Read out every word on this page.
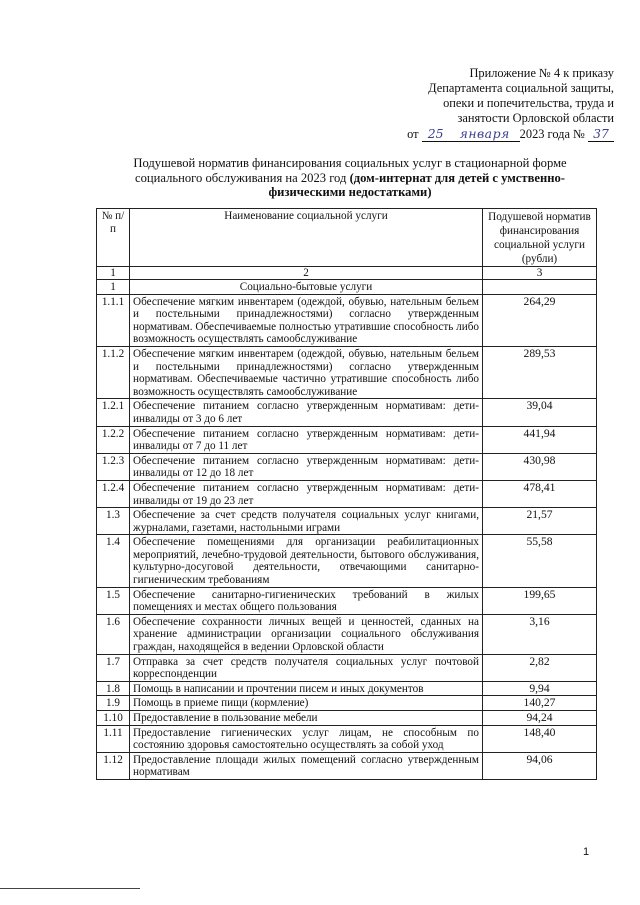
Приложение № 4 к приказу
Департамента социальной защиты,
опеки и попечительства, труда и
занятости Орловской области
от
25	января 2023 года №
37
Подушевой норматив финансирования социальных услуг в стационарной форме
социального обслуживания на 2023 год (дом-интернат для детей с умственно-физическими недостатками)
№ п/п	Наименование социальной услуги	Подушевой норматив финансирования социальной услуги (рубли)
1	2	3
1	Социально-бытовые услуги	
1.1.1	Обеспечение мягким инвентарем (одеждой, обувью, нательным бельем и постельными принадлежностями) согласно утвержденным нормативам. Обеспечиваемые полностью утратившие способность либо возможность осуществлять самообслуживание	264,29
1.1.2	Обеспечение мягким инвентарем (одеждой, обувью, нательным бельем и постельными принадлежностями) согласно утвержденным нормативам. Обеспечиваемые частично утратившие способность либо возможность осуществлять самообслуживание	289,53
1.2.1	Обеспечение питанием согласно утвержденным нормативам: дети-инвалиды от 3 до 6 лет	39,04
1.2.2	Обеспечение питанием согласно утвержденным нормативам: дети-инвалиды от 7 до 11 лет	441,94
1.2.3	Обеспечение питанием согласно утвержденным нормативам: дети-инвалиды от 12 до 18 лет	430,98
1.2.4	Обеспечение питанием согласно утвержденным нормативам: дети-инвалиды от 19 до 23 лет	478,41
1.3	Обеспечение за счет средств получателя социальных услуг книгами, журналами, газетами, настольными играми	21,57
1.4	Обеспечение помещениями для организации реабилитационных мероприятий, лечебно-трудовой деятельности, бытового обслуживания, культурно-досуговой деятельности, отвечающими санитарно-гигиеническим требованиям	55,58
1.5	Обеспечение санитарно-гигиенических требований в жилых помещениях и местах общего пользования	199,65
1.6	Обеспечение сохранности личных вещей и ценностей, сданных на хранение администрации организации социального обслуживания граждан, находящейся в ведении Орловской области	3,16
1.7	Отправка за счет средств получателя социальных услуг почтовой корреспонденции	2,82
1.8	Помощь в написании и прочтении писем и иных документов	9,94
1.9	Помощь в приеме пищи (кормление)	140,27
1.10	Предоставление в пользование мебели	94,24
1.11	Предоставление гигиенических услуг лицам, не способным по состоянию здоровья самостоятельно осуществлять за собой уход	148,40
1.12	Предоставление площади жилых помещений согласно утвержденным нормативам	94,06
1
